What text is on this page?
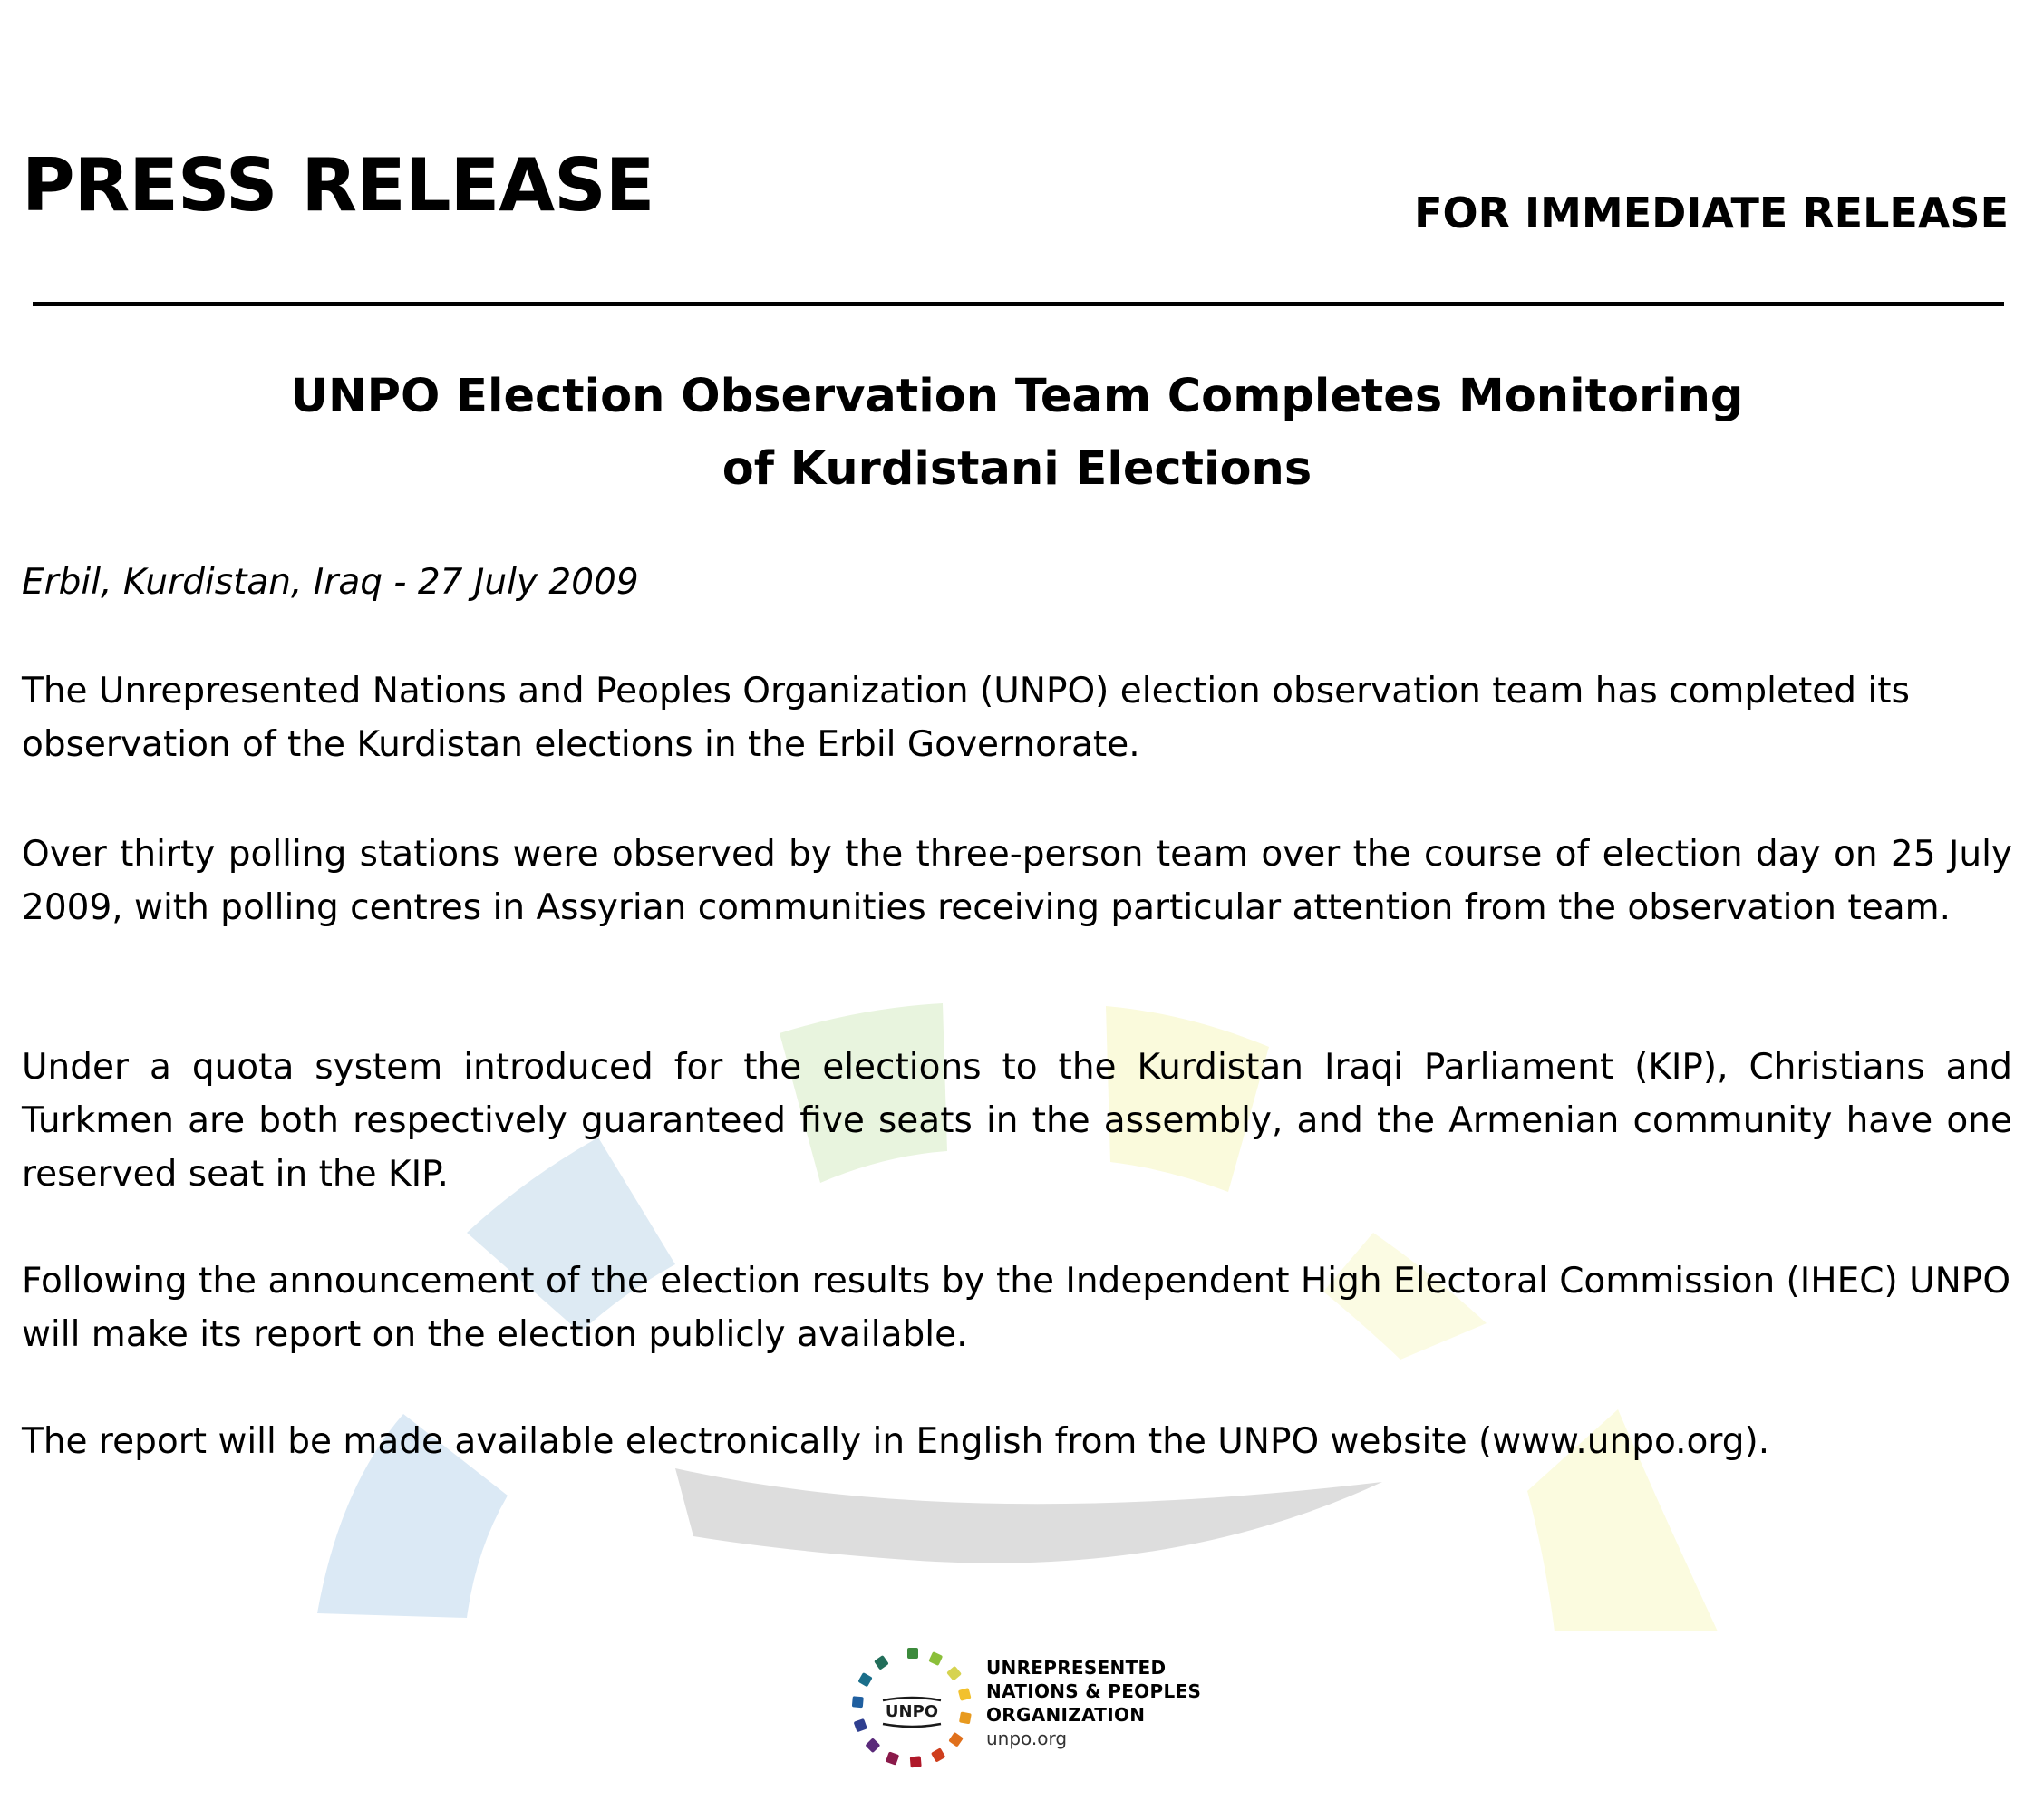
PRESS RELEASE	FOR IMMEDIATE RELEASE
UNPO Election Observation Team Completes Monitoring
of Kurdistani Elections

Erbil, Kurdistan, Iraq - 27 July 2009

The Unrepresented Nations and Peoples Organization (UNPO) election observation team has completed its observation of the Kurdistan elections in the Erbil Governorate.

Over thirty polling stations were observed by the three-person team over the course of election day on 25 July 2009, with polling centres in Assyrian communities receiving particular attention from the observation team.

Under a quota system introduced for the elections to the Kurdistan Iraqi Parliament (KIP), Christians and Turkmen are both respectively guaranteed five seats in the assembly, and the Armenian community have one reserved seat in the KIP.

Following the announcement of the election results by the Independent High Electoral Commission (IHEC) UNPO will make its report on the election publicly available.

The report will be made available electronically in English from the UNPO website (www.unpo.org).

UNPO
UNREPRESENTED
NATIONS & PEOPLES
ORGANIZATION
unpo.org
